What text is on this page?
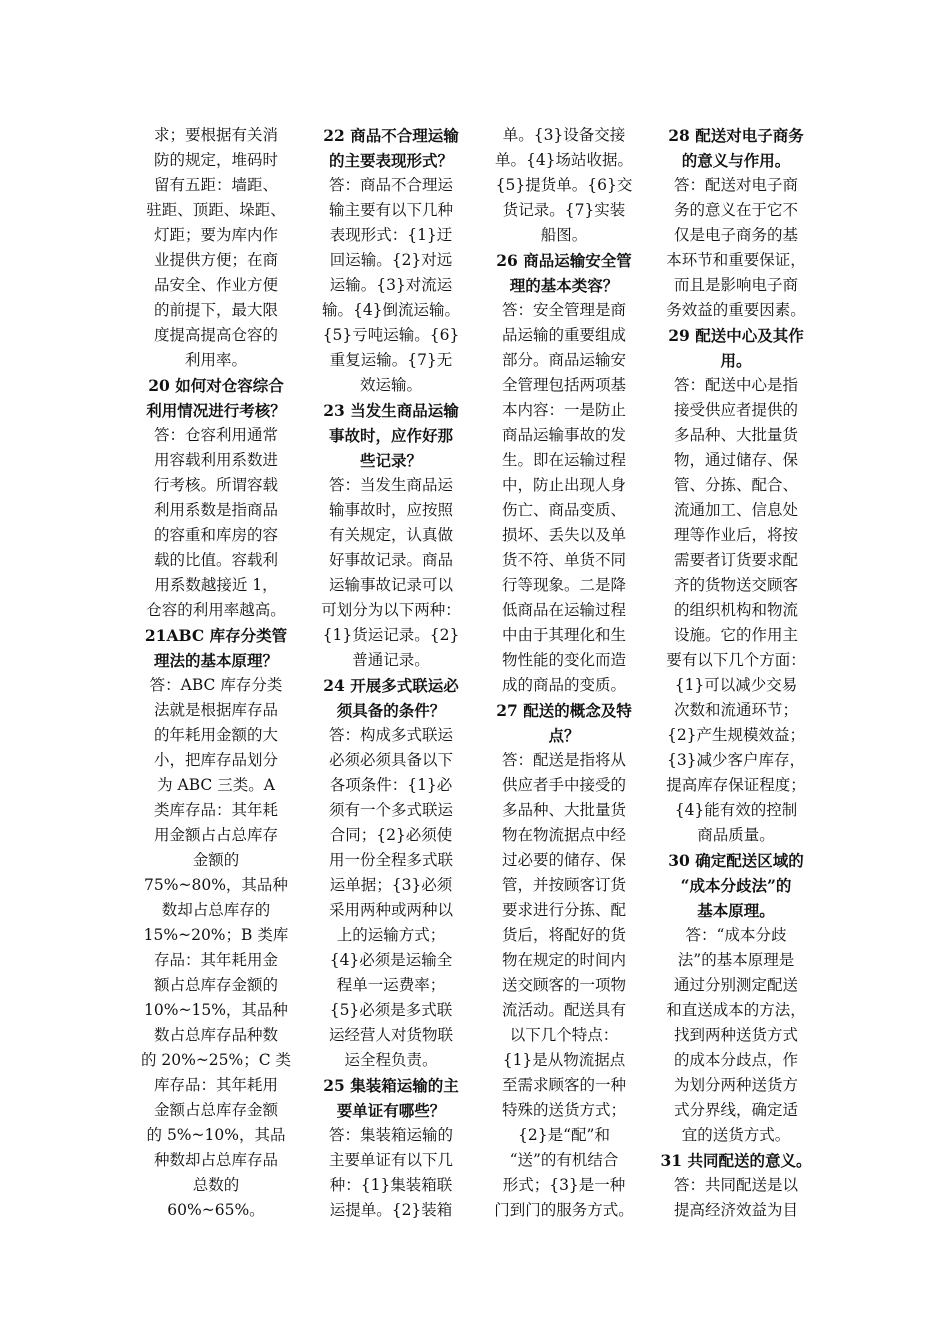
求；要根据有关消

防的规定，堆码时

留有五距：墙距、

驻距、顶距、垛距、

灯距；要为库内作

业提供方便；在商

品安全、作业方便

的前提下，最大限

度提高提高仓容的

利用率。

20 如何对仓容综合

利用情况进行考核？

答：仓容利用通常

用容载利用系数进

行考核。所谓容载

利用系数是指商品

的容重和库房的容

载的比值。容载利

用系数越接近 1，

仓容的利用率越高。

21ABC 库存分类管

理法的基本原理？

答：ABC 库存分类

法就是根据库存品

的年耗用金额的大

小，把库存品划分

为 ABC 三类。A

类库存品：其年耗

用金额占占总库存

金额的

75%~80%，其品种

数却占总库存的

15%~20%；B 类库

存品：其年耗用金

额占总库存金额的

10%~15%，其品种

数占总库存品种数

的 20%~25%；C 类

库存品：其年耗用

金额占总库存金额

的 5%~10%，其品

种数却占总库存品

总数的

60%~65%。

22 商品不合理运输

的主要表现形式？

答：商品不合理运

输主要有以下几种

表现形式：{1}迂

回运输。{2}对远

运输。{3}对流运

输。{4}倒流运输。

{5}亏吨运输。{6}

重复运输。{7}无

效运输。

23 当发生商品运输

事故时，应作好那

些记录？

答：当发生商品运

输事故时，应按照

有关规定，认真做

好事故记录。商品

运输事故记录可以

可划分为以下两种：

{1}货运记录。{2}

普通记录。

24 开展多式联运必

须具备的条件？

答：构成多式联运

必须必须具备以下

各项条件：{1}必

须有一个多式联运

合同；{2}必须使

用一份全程多式联

运单据；{3}必须

采用两种或两种以

上的运输方式；

{4}必须是运输全

程单一运费率；

{5}必须是多式联

运经营人对货物联

运全程负责。

25 集装箱运输的主

要单证有哪些？

答：集装箱运输的

主要单证有以下几

种：{1}集装箱联

运提单。{2}装箱

单。{3}设备交接

单。{4}场站收据。

{5}提货单。{6}交

货记录。{7}实装

船图。

26 商品运输安全管

理的基本类容？

答：安全管理是商

品运输的重要组成

部分。商品运输安

全管理包括两项基

本内容：一是防止

商品运输事故的发

生。即在运输过程

中，防止出现人身

伤亡、商品变质、

损坏、丢失以及单

货不符、单货不同

行等现象。二是降

低商品在运输过程

中由于其理化和生

物性能的变化而造

成的商品的变质。

27 配送的概念及特

点？

答：配送是指将从

供应者手中接受的

多品种、大批量货

物在物流据点中经

过必要的储存、保

管，并按顾客订货

要求进行分拣、配

货后，将配好的货

物在规定的时间内

送交顾客的一项物

流活动。配送具有

以下几个特点：

{1}是从物流据点

至需求顾客的一种

特殊的送货方式；

{2}是“配”和

“送”的有机结合

形式；{3}是一种

门到门的服务方式。

28 配送对电子商务

的意义与作用。

答：配送对电子商

务的意义在于它不

仅是电子商务的基

本环节和重要保证，

而且是影响电子商

务效益的重要因素。

29 配送中心及其作

用。

答：配送中心是指

接受供应者提供的

多品种、大批量货

物，通过储存、保

管、分拣、配合、

流通加工、信息处

理等作业后，将按

需要者订货要求配

齐的货物送交顾客

的组织机构和物流

设施。它的作用主

要有以下几个方面：

{1}可以减少交易

次数和流通环节；

{2}产生规模效益；

{3}减少客户库存，

提高库存保证程度；

{4}能有效的控制

商品质量。

30 确定配送区域的

“成本分歧法”的

基本原理。

答：“成本分歧

法”的基本原理是

通过分别测定配送

和直送成本的方法，

找到两种送货方式

的成本分歧点，作

为划分两种送货方

式分界线，确定适

宜的送货方式。

31 共同配送的意义。

答：共同配送是以

提高经济效益为目
